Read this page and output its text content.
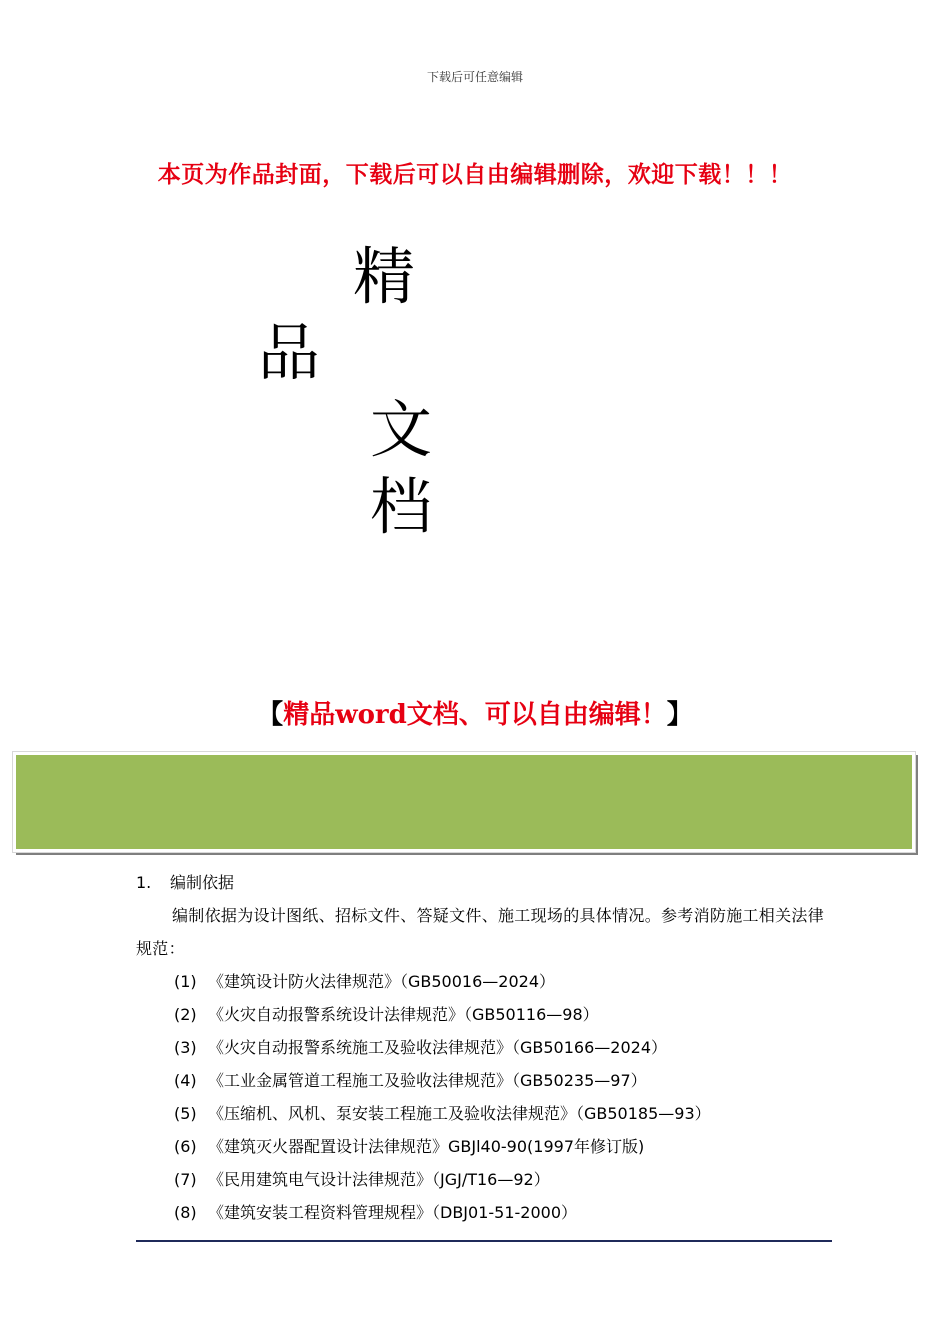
下载后可任意编辑
本页为作品封面，下载后可以自由编辑删除，欢迎下载！！！
精
品
文
档
【精品word文档、可以自由编辑！】
1. 编制依据
编制依据为设计图纸、招标文件、答疑文件、施工现场的具体情况。参考消防施工相关法律规范：
(1) 《建筑设计防火法律规范》（GB50016—2024）
(2) 《火灾自动报警系统设计法律规范》（GB50116—98）
(3) 《火灾自动报警系统施工及验收法律规范》（GB50166—2024）
(4) 《工业金属管道工程施工及验收法律规范》（GB50235—97）
(5) 《压缩机、风机、泵安装工程施工及验收法律规范》（GB50185—93）
(6) 《建筑灭火器配置设计法律规范》GBJl40-90(1997年修订版)
(7) 《民用建筑电气设计法律规范》（JGJ/T16—92）
(8) 《建筑安装工程资料管理规程》（DBJ01-51-2000）
